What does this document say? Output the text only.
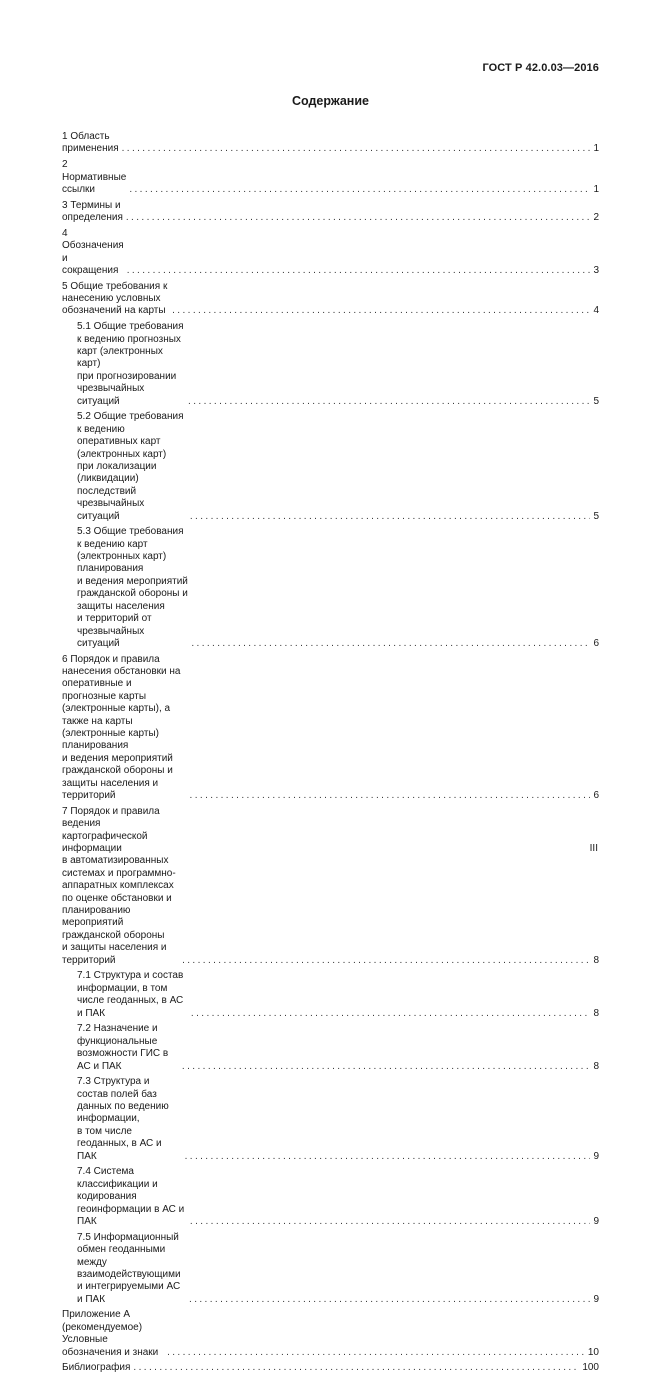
ГОСТ Р 42.0.03—2016
Содержание
1 Область применения .....	1
2 Нормативные ссылки .....	1
3 Термины и определения .....	2
4 Обозначения и сокращения .....	3
5 Общие требования к нанесению условных обозначений на карты .....	4
5.1 Общие требования к ведению прогнозных карт (электронных карт)
при прогнозировании чрезвычайных ситуаций .....	5
5.2 Общие требования к ведению оперативных карт (электронных карт)
при локализации (ликвидации) последствий чрезвычайных ситуаций .....	5
5.3 Общие требования к ведению карт (электронных карт) планирования
и ведения мероприятий гражданской обороны и защиты населения
и территорий от чрезвычайных ситуаций .....	6
6 Порядок и правила нанесения обстановки на оперативные и прогнозные карты
(электронные карты), а также на карты (электронные карты) планирования
и ведения мероприятий гражданской обороны и защиты населения и территорий .....	6
7 Порядок и правила ведения картографической информации
в автоматизированных системах и программно-аппаратных комплексах
по оценке обстановки и планированию мероприятий гражданской обороны
и защиты населения и территорий .....	8
7.1 Структура и состав информации, в том числе геоданных, в АС и ПАК .....	8
7.2 Назначение и функциональные возможности ГИС в АС и ПАК .....	8
7.3 Структура и состав полей баз данных по ведению информации,
в том числе геоданных, в АС и ПАК .....	9
7.4 Система классификации и кодирования геоинформации в АС и ПАК .....	9
7.5 Информационный обмен геоданными между взаимодействующими
и интегрируемыми АС и ПАК .....	9
Приложение А (рекомендуемое) Условные обозначения и знаки .....	10
Библиография .....	100
III
